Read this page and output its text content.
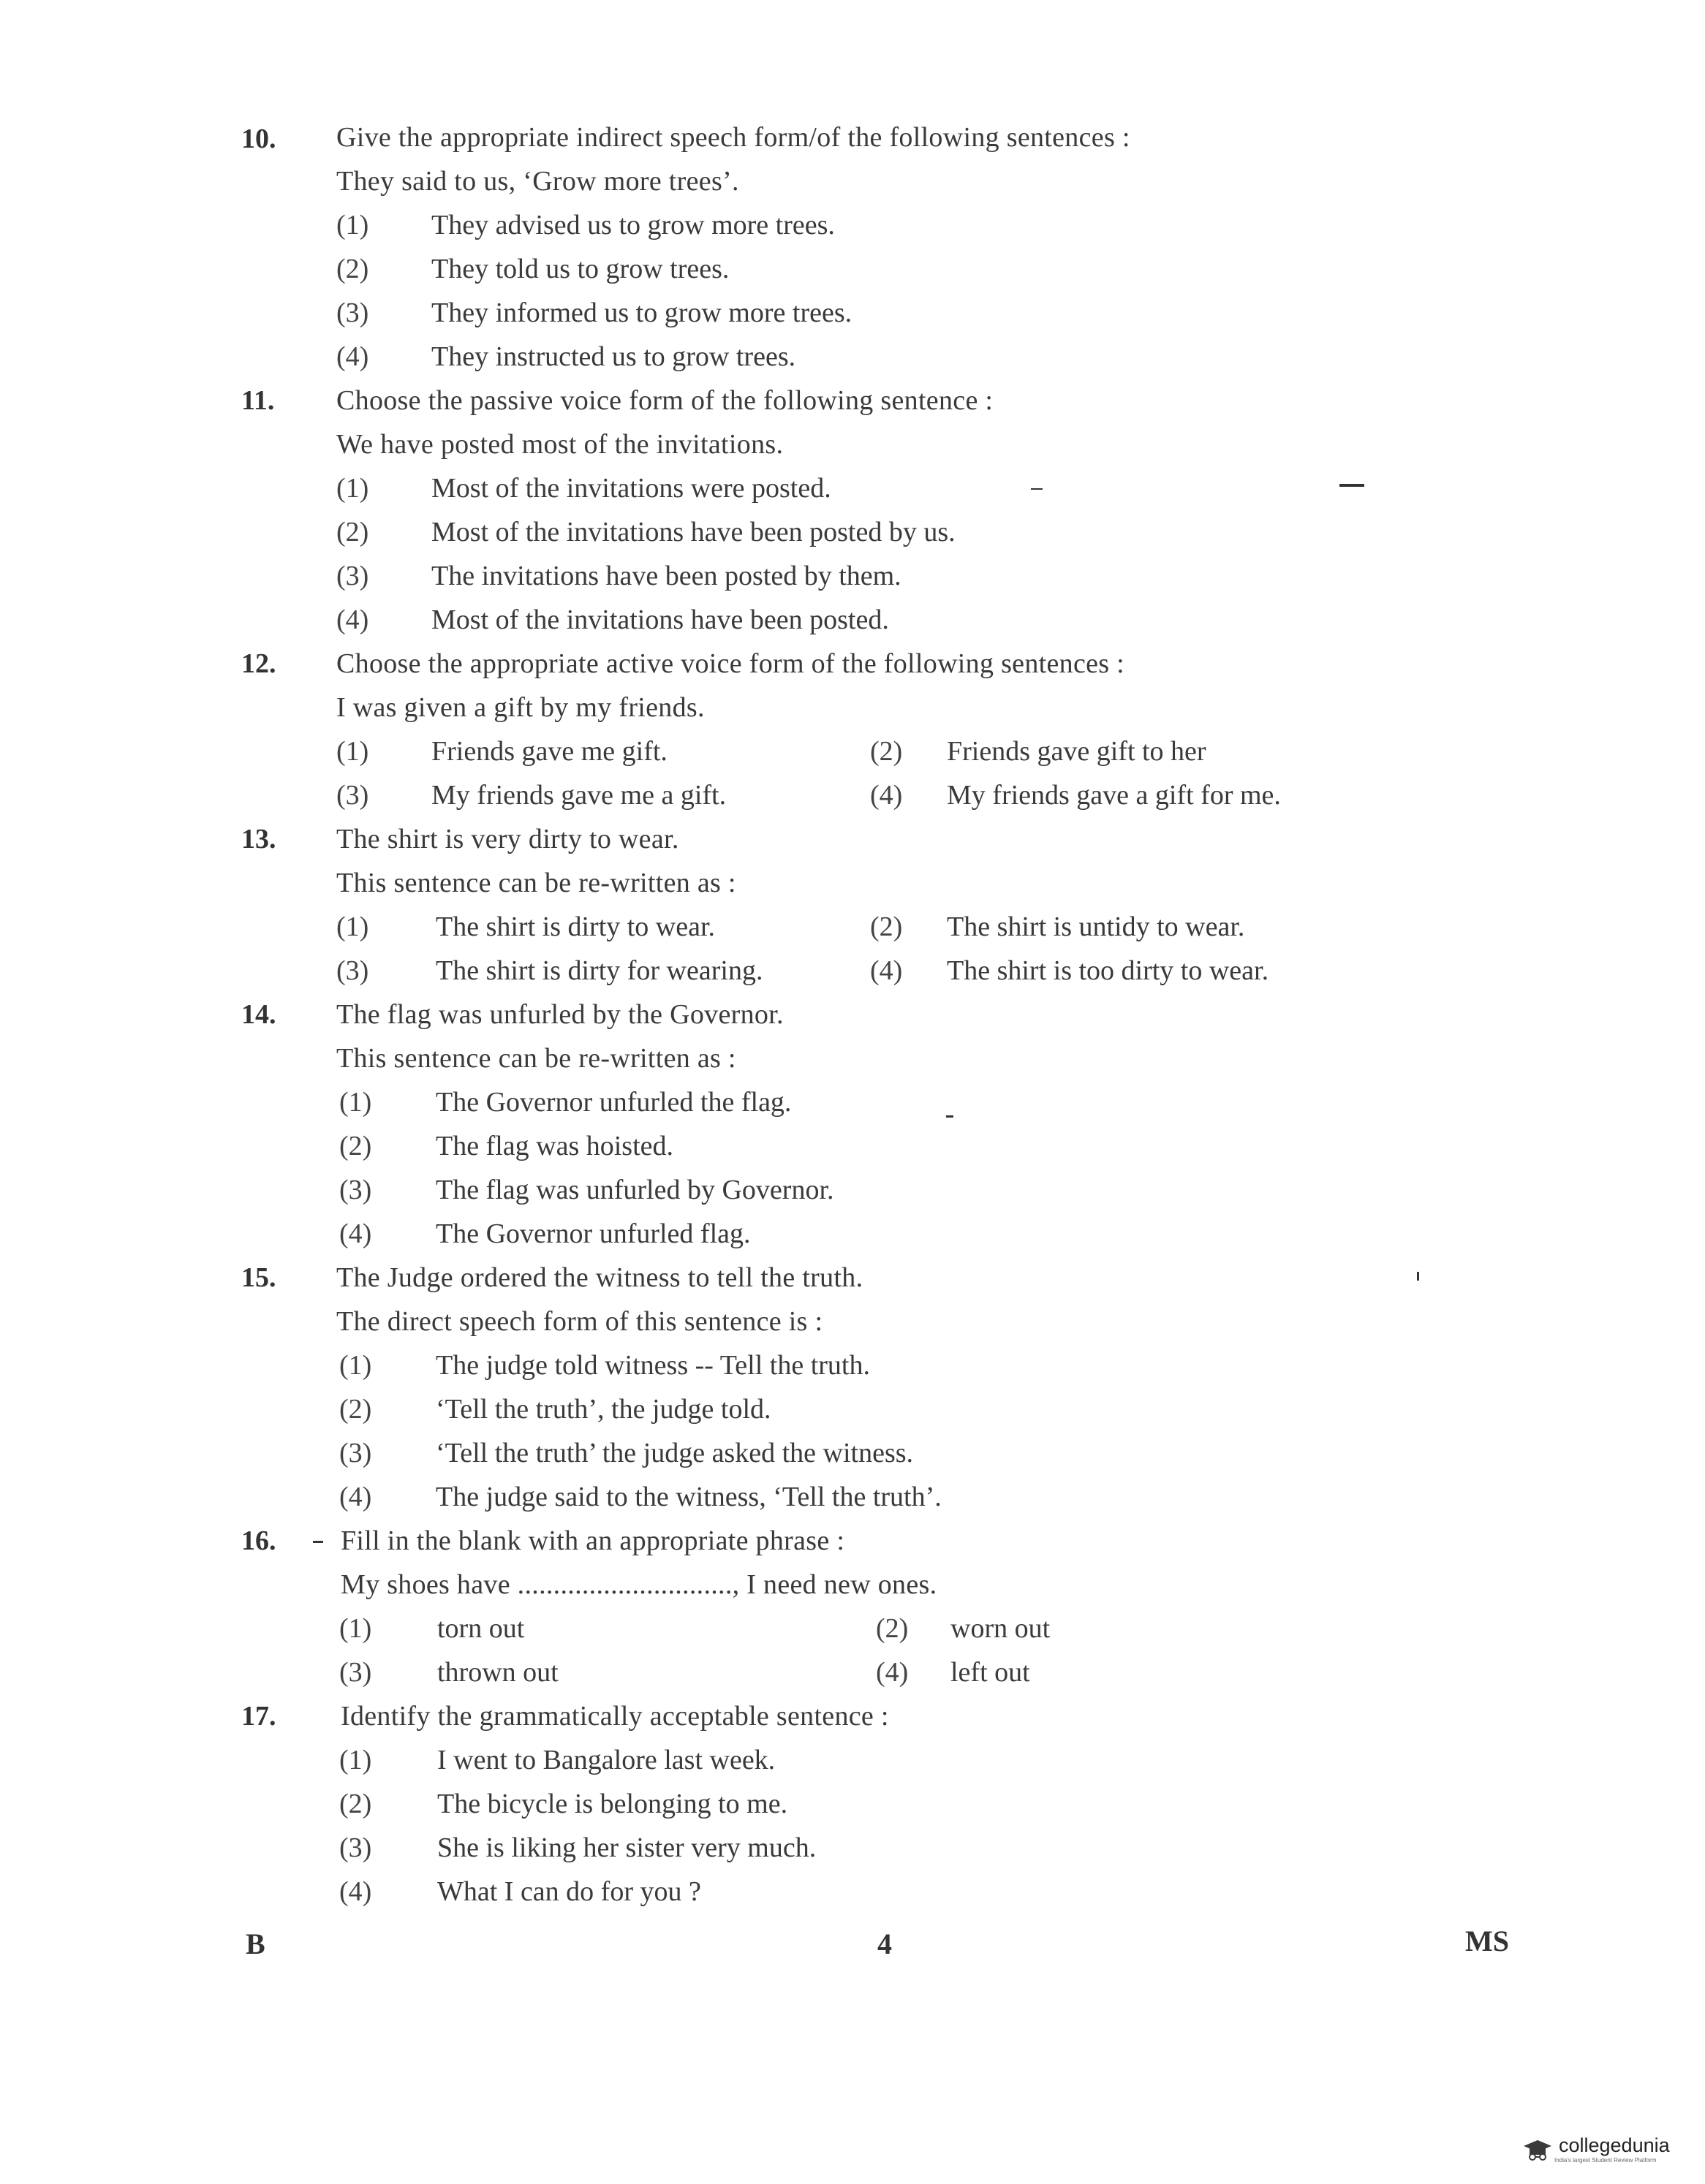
10.	Give the appropriate indirect speech form/of the following sentences :
They said to us, ‘Grow more trees’.
(1) They advised us to grow more trees.
(2) They told us to grow trees.
(3) They informed us to grow more trees.
(4) They instructed us to grow trees.
11.	Choose the passive voice form of the following sentence :
We have posted most of the invitations.
(1) Most of the invitations were posted.
(2) Most of the invitations have been posted by us.
(3) The invitations have been posted by them.
(4) Most of the invitations have been posted.
12.	Choose the appropriate active voice form of the following sentences :
I was given a gift by my friends.
(1) Friends gave me gift.	(2) Friends gave gift to her
(3) My friends gave me a gift.	(4) My friends gave a gift for me.
13.	The shirt is very dirty to wear.
This sentence can be re-written as :
(1) The shirt is dirty to wear.	(2) The shirt is untidy to wear.
(3) The shirt is dirty for wearing.	(4) The shirt is too dirty to wear.
14.	The flag was unfurled by the Governor.
This sentence can be re-written as :
(1) The Governor unfurled the flag.
(2) The flag was hoisted.
(3) The flag was unfurled by Governor.
(4) The Governor unfurled flag.
15.	The Judge ordered the witness to tell the truth.
The direct speech form of this sentence is :
(1) The judge told witness -- Tell the truth.
(2) ‘Tell the truth’, the judge told.
(3) ‘Tell the truth’ the judge asked the witness.
(4) The judge said to the witness, ‘Tell the truth’.
16.	Fill in the blank with an appropriate phrase :
My shoes have .............................., I need new ones.
(1) torn out	(2) worn out
(3) thrown out	(4) left out
17.	Identify the grammatically acceptable sentence :
(1) I went to Bangalore last week.
(2) The bicycle is belonging to me.
(3) She is liking her sister very much.
(4) What I can do for you ?
B	4	MS
collegedunia
India's largest Student Review Platform
